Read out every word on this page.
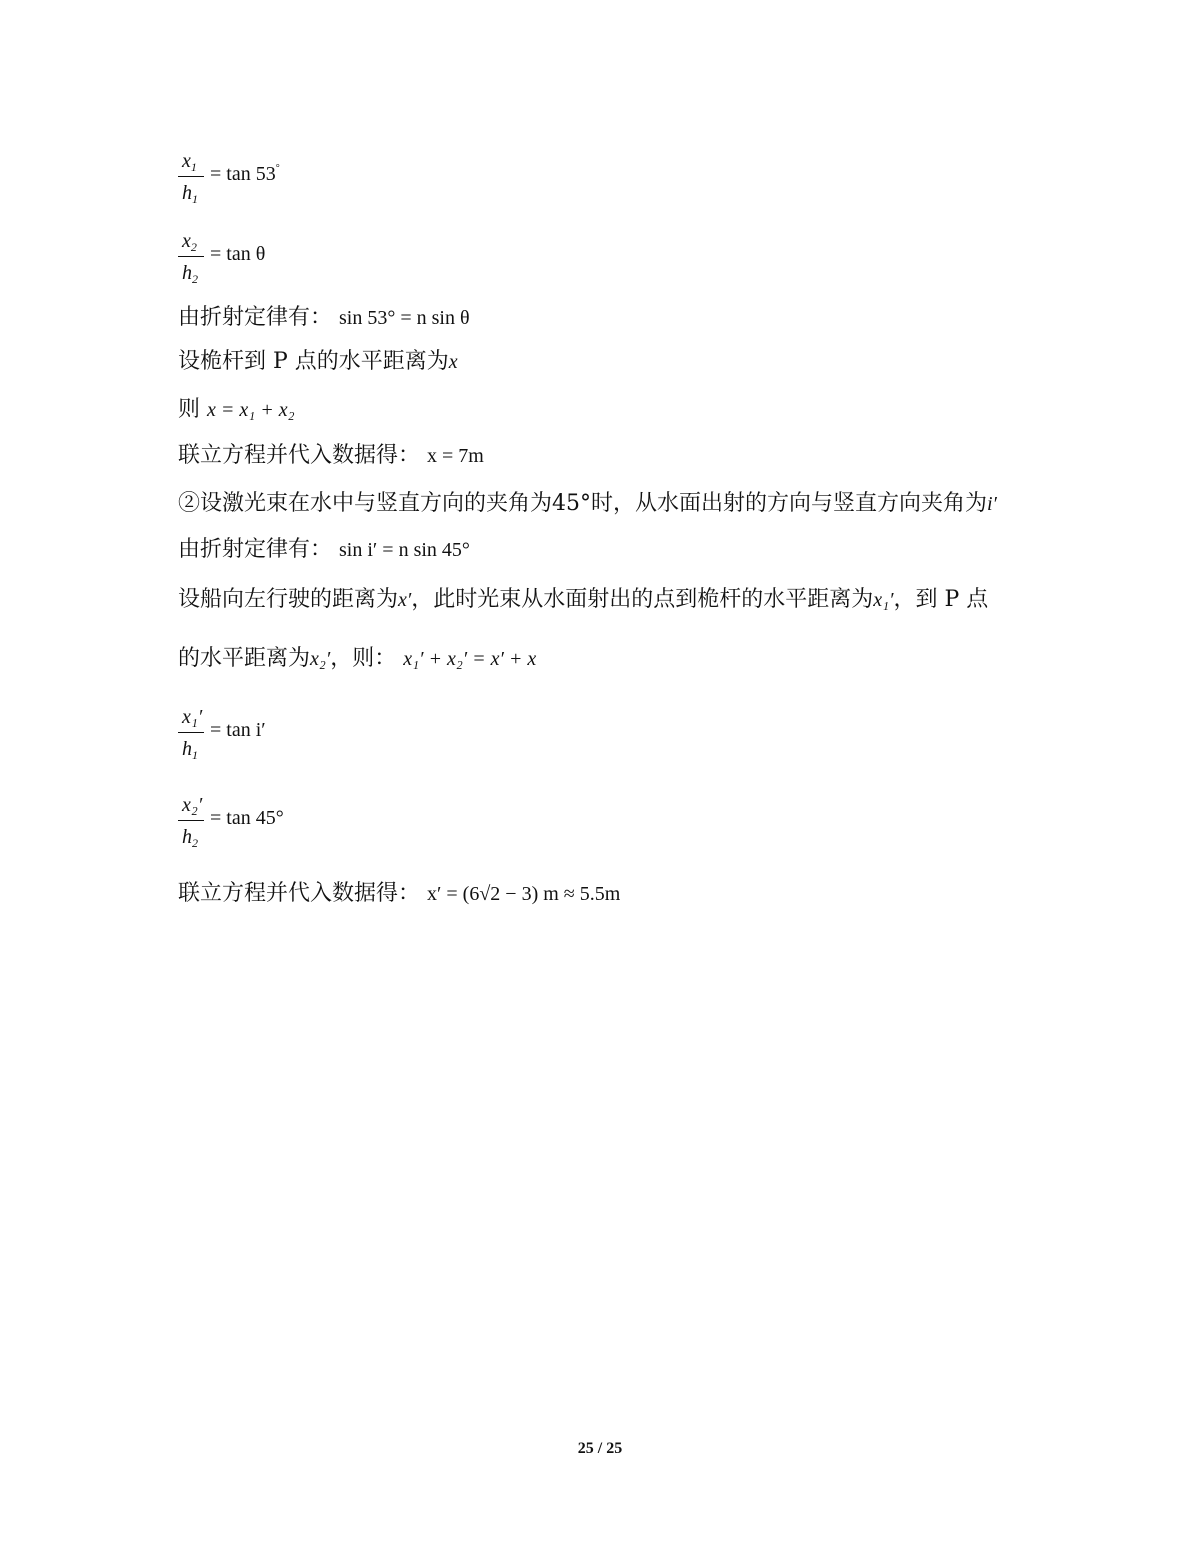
$x_1$
$h_1$
= tan 53°
$x_2$
$h_2$
= tan θ
由折射定律有： sin 53° = n sin θ
设桅杆到 P 点的水平距离为x
则 x = x₁ + x₂
联立方程并代入数据得： x = 7m
②设激光束在水中与竖直方向的夹角为45°时，从水面出射的方向与竖直方向夹角为i′
由折射定律有： sin i′ = n sin 45°
设船向左行驶的距离为x′，此时光束从水面射出的点到桅杆的水平距离为x₁′，到 P 点
的水平距离为x₂′，则： x₁′ + x₂′ = x′ + x
x₁′
$h_1$
= tan i′
x₂′
$h_2$
= tan 45°
联立方程并代入数据得： x′ = (6√2 − 3) m ≈ 5.5m
25 / 25
